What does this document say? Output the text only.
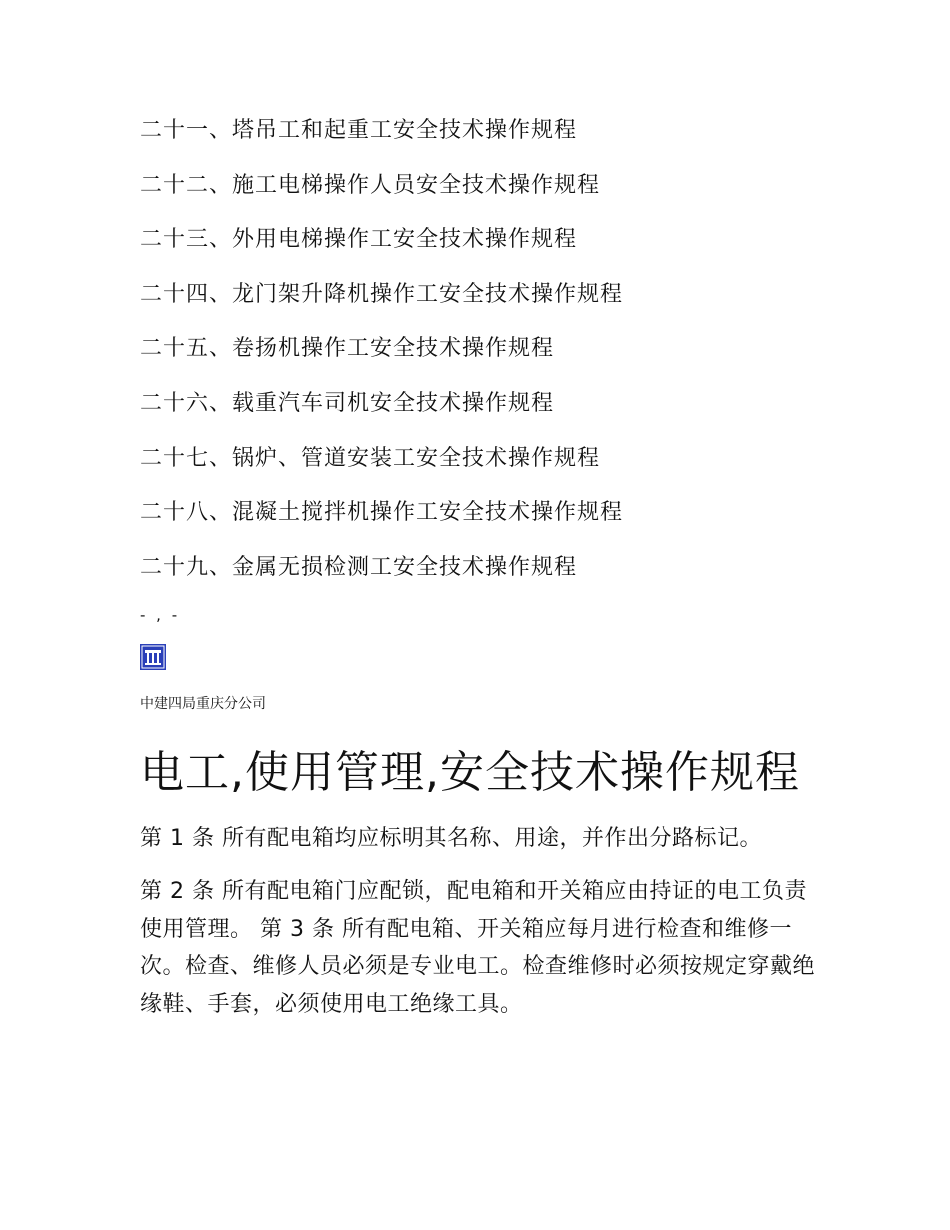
二十一、塔吊工和起重工安全技术操作规程
二十二、施工电梯操作人员安全技术操作规程
二十三、外用电梯操作工安全技术操作规程
二十四、龙门架升降机操作工安全技术操作规程
二十五、卷扬机操作工安全技术操作规程
二十六、载重汽车司机安全技术操作规程
二十七、锅炉、管道安装工安全技术操作规程
二十八、混凝土搅拌机操作工安全技术操作规程
二十九、金属无损检测工安全技术操作规程
- , -
中建四局重庆分公司
电工,使用管理,安全技术操作规程
第 1 条 所有配电箱均应标明其名称、用途，并作出分路标记。
第 2 条 所有配电箱门应配锁，配电箱和开关箱应由持证的电工负责使用管理。 第 3 条 所有配电箱、开关箱应每月进行检查和维修一次。检查、维修人员必须是专业电工。检查维修时必须按规定穿戴绝缘鞋、手套，必须使用电工绝缘工具。
